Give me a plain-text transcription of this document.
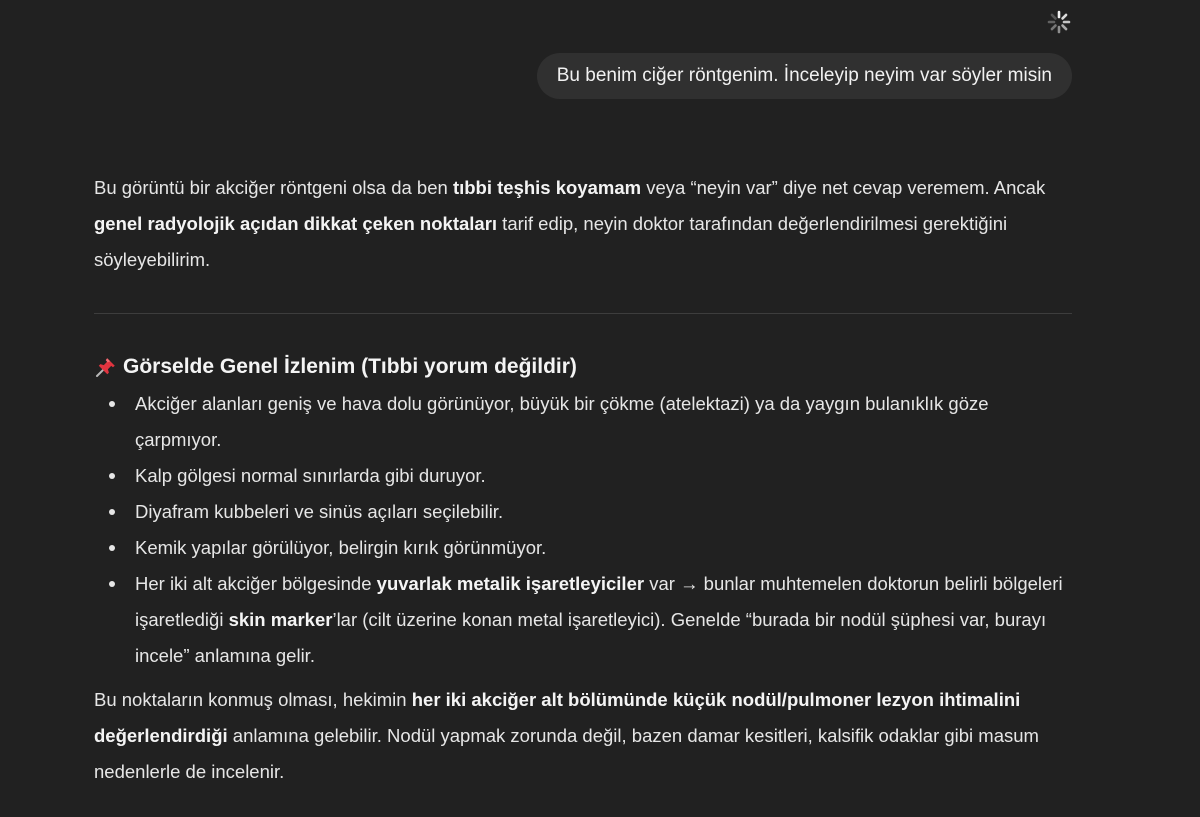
Bu benim ciğer röntgenim. İnceleyip neyim var söyler misin

Bu görüntü bir akciğer röntgeni olsa da ben tıbbi teşhis koyamam veya “neyin var” diye net cevap veremem. Ancak genel radyolojik açıdan dikkat çeken noktaları tarif edip, neyin doktor tarafından değerlendirilmesi gerektiğini söyleyebilirim.

Görselde Genel İzlenim (Tıbbi yorum değildir)
Akciğer alanları geniş ve hava dolu görünüyor, büyük bir çökme (atelektazi) ya da yaygın bulanıklık göze çarpmıyor.
Kalp gölgesi normal sınırlarda gibi duruyor.
Diyafram kubbeleri ve sinüs açıları seçilebilir.
Kemik yapılar görülüyor, belirgin kırık görünmüyor.
Her iki alt akciğer bölgesinde yuvarlak metalik işaretleyiciler var → bunlar muhtemelen doktorun belirli bölgeleri işaretlediği skin marker’lar (cilt üzerine konan metal işaretleyici). Genelde “burada bir nodül şüphesi var, burayı incele” anlamına gelir.

Bu noktaların konmuş olması, hekimin her iki akciğer alt bölümünde küçük nodül/pulmoner lezyon ihtimalini değerlendirdiği anlamına gelebilir. Nodül yapmak zorunda değil, bazen damar kesitleri, kalsifik odaklar gibi masum nedenlerle de incelenir.
